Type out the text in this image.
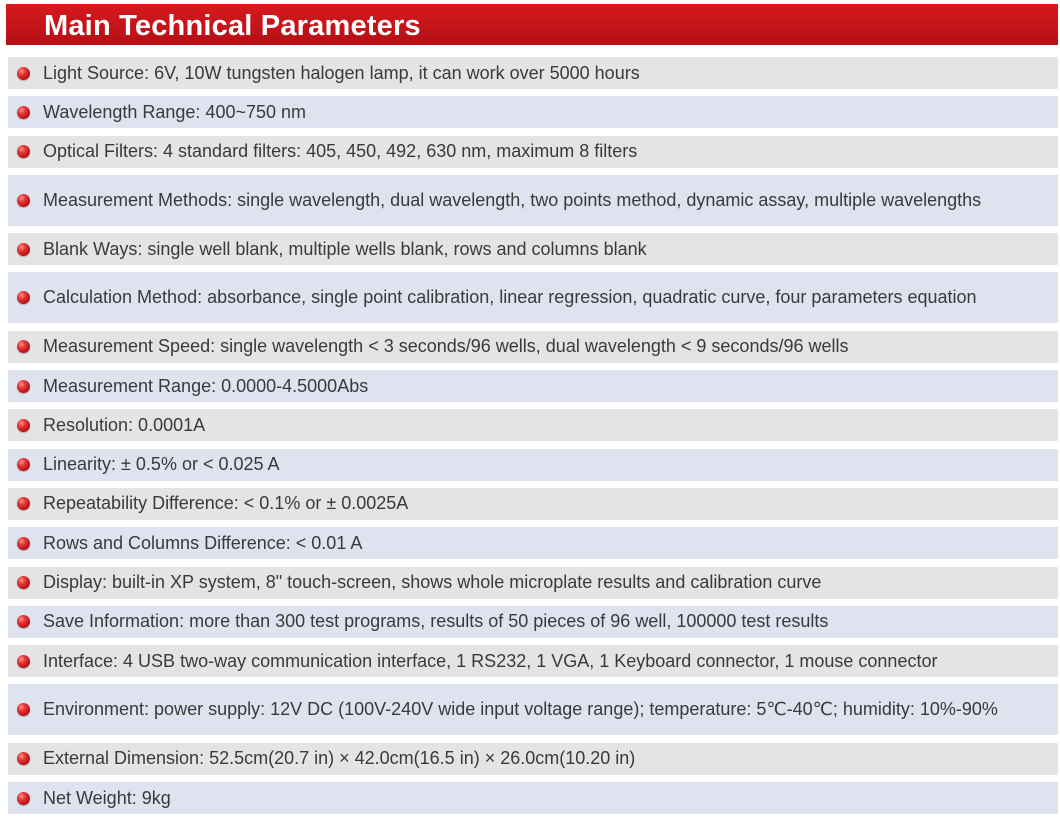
Main Technical Parameters
Light Source: 6V, 10W tungsten halogen lamp, it can work over 5000 hours
Wavelength Range: 400~750 nm
Optical Filters: 4 standard filters: 405, 450, 492, 630 nm, maximum 8 filters
Measurement Methods: single wavelength, dual wavelength, two points method, dynamic assay, multiple wavelengths
Blank Ways: single well blank, multiple wells blank, rows and columns blank
Calculation Method: absorbance, single point calibration, linear regression, quadratic curve, four parameters equation
Measurement Speed: single wavelength < 3 seconds/96 wells, dual wavelength < 9 seconds/96 wells
Measurement Range: 0.0000-4.5000Abs
Resolution: 0.0001A
Linearity: ± 0.5% or < 0.025 A
Repeatability Difference: < 0.1% or ± 0.0025A
Rows and Columns Difference: < 0.01 A
Display: built-in XP system, 8" touch-screen, shows whole microplate results and calibration curve
Save Information: more than 300 test programs, results of 50 pieces of 96 well, 100000 test results
Interface: 4 USB two-way communication interface, 1 RS232, 1 VGA, 1 Keyboard connector, 1 mouse connector
Environment: power supply: 12V DC (100V-240V wide input voltage range); temperature: 5℃-40℃; humidity: 10%-90%
External Dimension: 52.5cm(20.7 in) × 42.0cm(16.5 in) × 26.0cm(10.20 in)
Net Weight: 9kg
